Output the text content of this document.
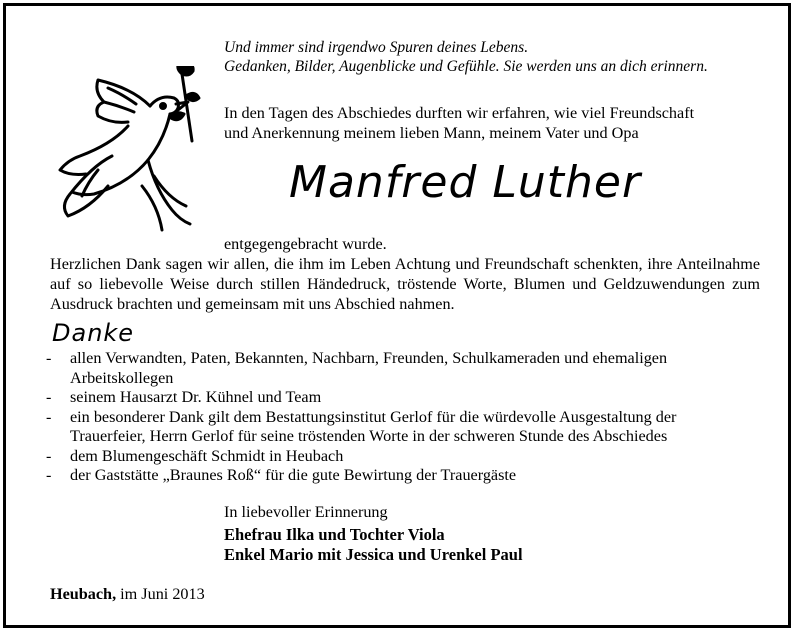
Und immer sind irgendwo Spuren deines Lebens.
Gedanken, Bilder, Augenblicke und Gefühle. Sie werden uns an dich erinnern.
In den Tagen des Abschiedes durften wir erfahren, wie viel Freundschaft
und Anerkennung meinem lieben Mann, meinem Vater und Opa
Manfred Luther
entgegengebracht wurde.
Herzlichen Dank sagen wir allen, die ihm im Leben Achtung und Freundschaft schenkten, ihre Anteilnahme auf so liebevolle Weise durch stillen Händedruck, tröstende Worte, Blumen und Geldzuwendungen zum Ausdruck brachten und gemeinsam mit uns Abschied nahmen.
Danke
- allen Verwandten, Paten, Bekannten, Nachbarn, Freunden, Schulkameraden und ehemaligen
Arbeitskollegen
- seinem Hausarzt Dr. Kühnel und Team
- ein besonderer Dank gilt dem Bestattungsinstitut Gerlof für die würdevolle Ausgestaltung der
Trauerfeier, Herrn Gerlof für seine tröstenden Worte in der schweren Stunde des Abschiedes
- dem Blumengeschäft Schmidt in Heubach
- der Gaststätte „Braunes Roß“ für die gute Bewirtung der Trauergäste
In liebevoller Erinnerung
Ehefrau Ilka und Tochter Viola
Enkel Mario mit Jessica und Urenkel Paul
Heubach, im Juni 2013
